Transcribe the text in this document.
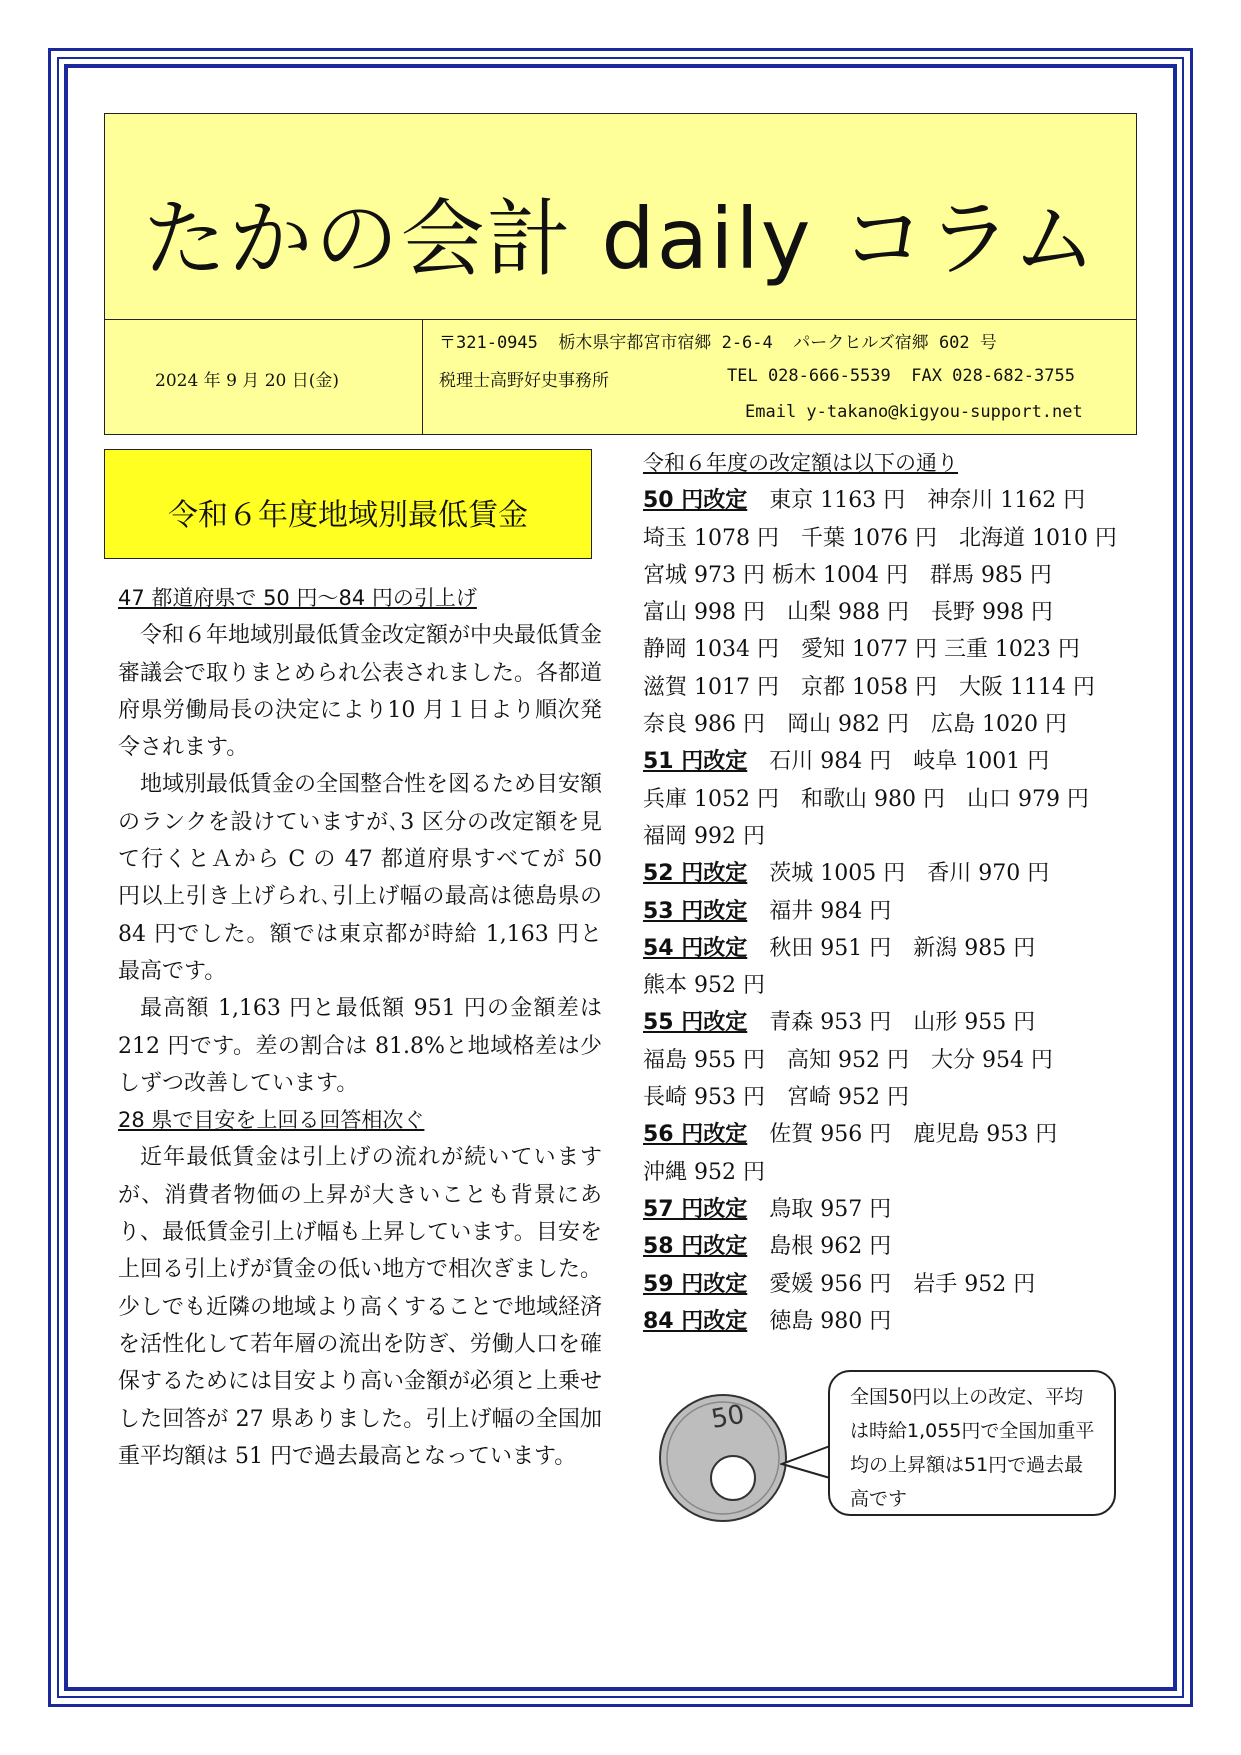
たかの会計 daily コラム
2024 年 9 月 20 日(金)
〒321-0945  栃木県宇都宮市宿郷 2-6-4  パークヒルズ宿郷 602 号
税理士高野好史事務所	TEL 028-666-5539  FAX 028-682-3755
Email y-takano@kigyou-support.net
令和６年度地域別最低賃金
47 都道府県で 50 円～84 円の引上げ
令和６年地域別最低賃金改定額が中央最低賃金審議会で取りまとめられ公表されました。各都道府県労働局長の決定により10 月１日より順次発令されます。
地域別最低賃金の全国整合性を図るため目安額のランクを設けていますが､3 区分の改定額を見て行くとＡから C の 47 都道府県すべてが 50 円以上引き上げられ､引上げ幅の最高は徳島県の 84 円でした。額では東京都が時給 1,163 円と最高です。
最高額 1,163 円と最低額 951 円の金額差は 212 円です。差の割合は 81.8%と地域格差は少しずつ改善しています。
28 県で目安を上回る回答相次ぐ
近年最低賃金は引上げの流れが続いていますが、消費者物価の上昇が大きいことも背景にあり、最低賃金引上げ幅も上昇しています。目安を上回る引上げが賃金の低い地方で相次ぎました。少しでも近隣の地域より高くすることで地域経済を活性化して若年層の流出を防ぎ、労働人口を確保するためには目安より高い金額が必須と上乗せした回答が 27 県ありました。引上げ幅の全国加重平均額は 51 円で過去最高となっています。
令和６年度の改定額は以下の通り
50 円改定 東京 1163 円　神奈川 1162 円
埼玉 1078 円　千葉 1076 円　北海道 1010 円
宮城 973 円 栃木 1004 円　群馬 985 円
富山 998 円　山梨 988 円　長野 998 円
静岡 1034 円　愛知 1077 円 三重 1023 円
滋賀 1017 円　京都 1058 円　大阪 1114 円
奈良 986 円　岡山 982 円　広島 1020 円
51 円改定 石川 984 円　岐阜 1001 円
兵庫 1052 円　和歌山 980 円　山口 979 円
福岡 992 円
52 円改定 茨城 1005 円　香川 970 円
53 円改定 福井 984 円
54 円改定 秋田 951 円　新潟 985 円
熊本 952 円
55 円改定 青森 953 円　山形 955 円
福島 955 円　高知 952 円　大分 954 円
長崎 953 円　宮崎 952 円
56 円改定 佐賀 956 円　鹿児島 953 円
沖縄 952 円
57 円改定 鳥取 957 円
58 円改定 島根 962 円
59 円改定 愛媛 956 円　岩手 952 円
84 円改定 徳島 980 円
50
全国50円以上の改定、平均は時給1,055円で全国加重平均の上昇額は51円で過去最高です
